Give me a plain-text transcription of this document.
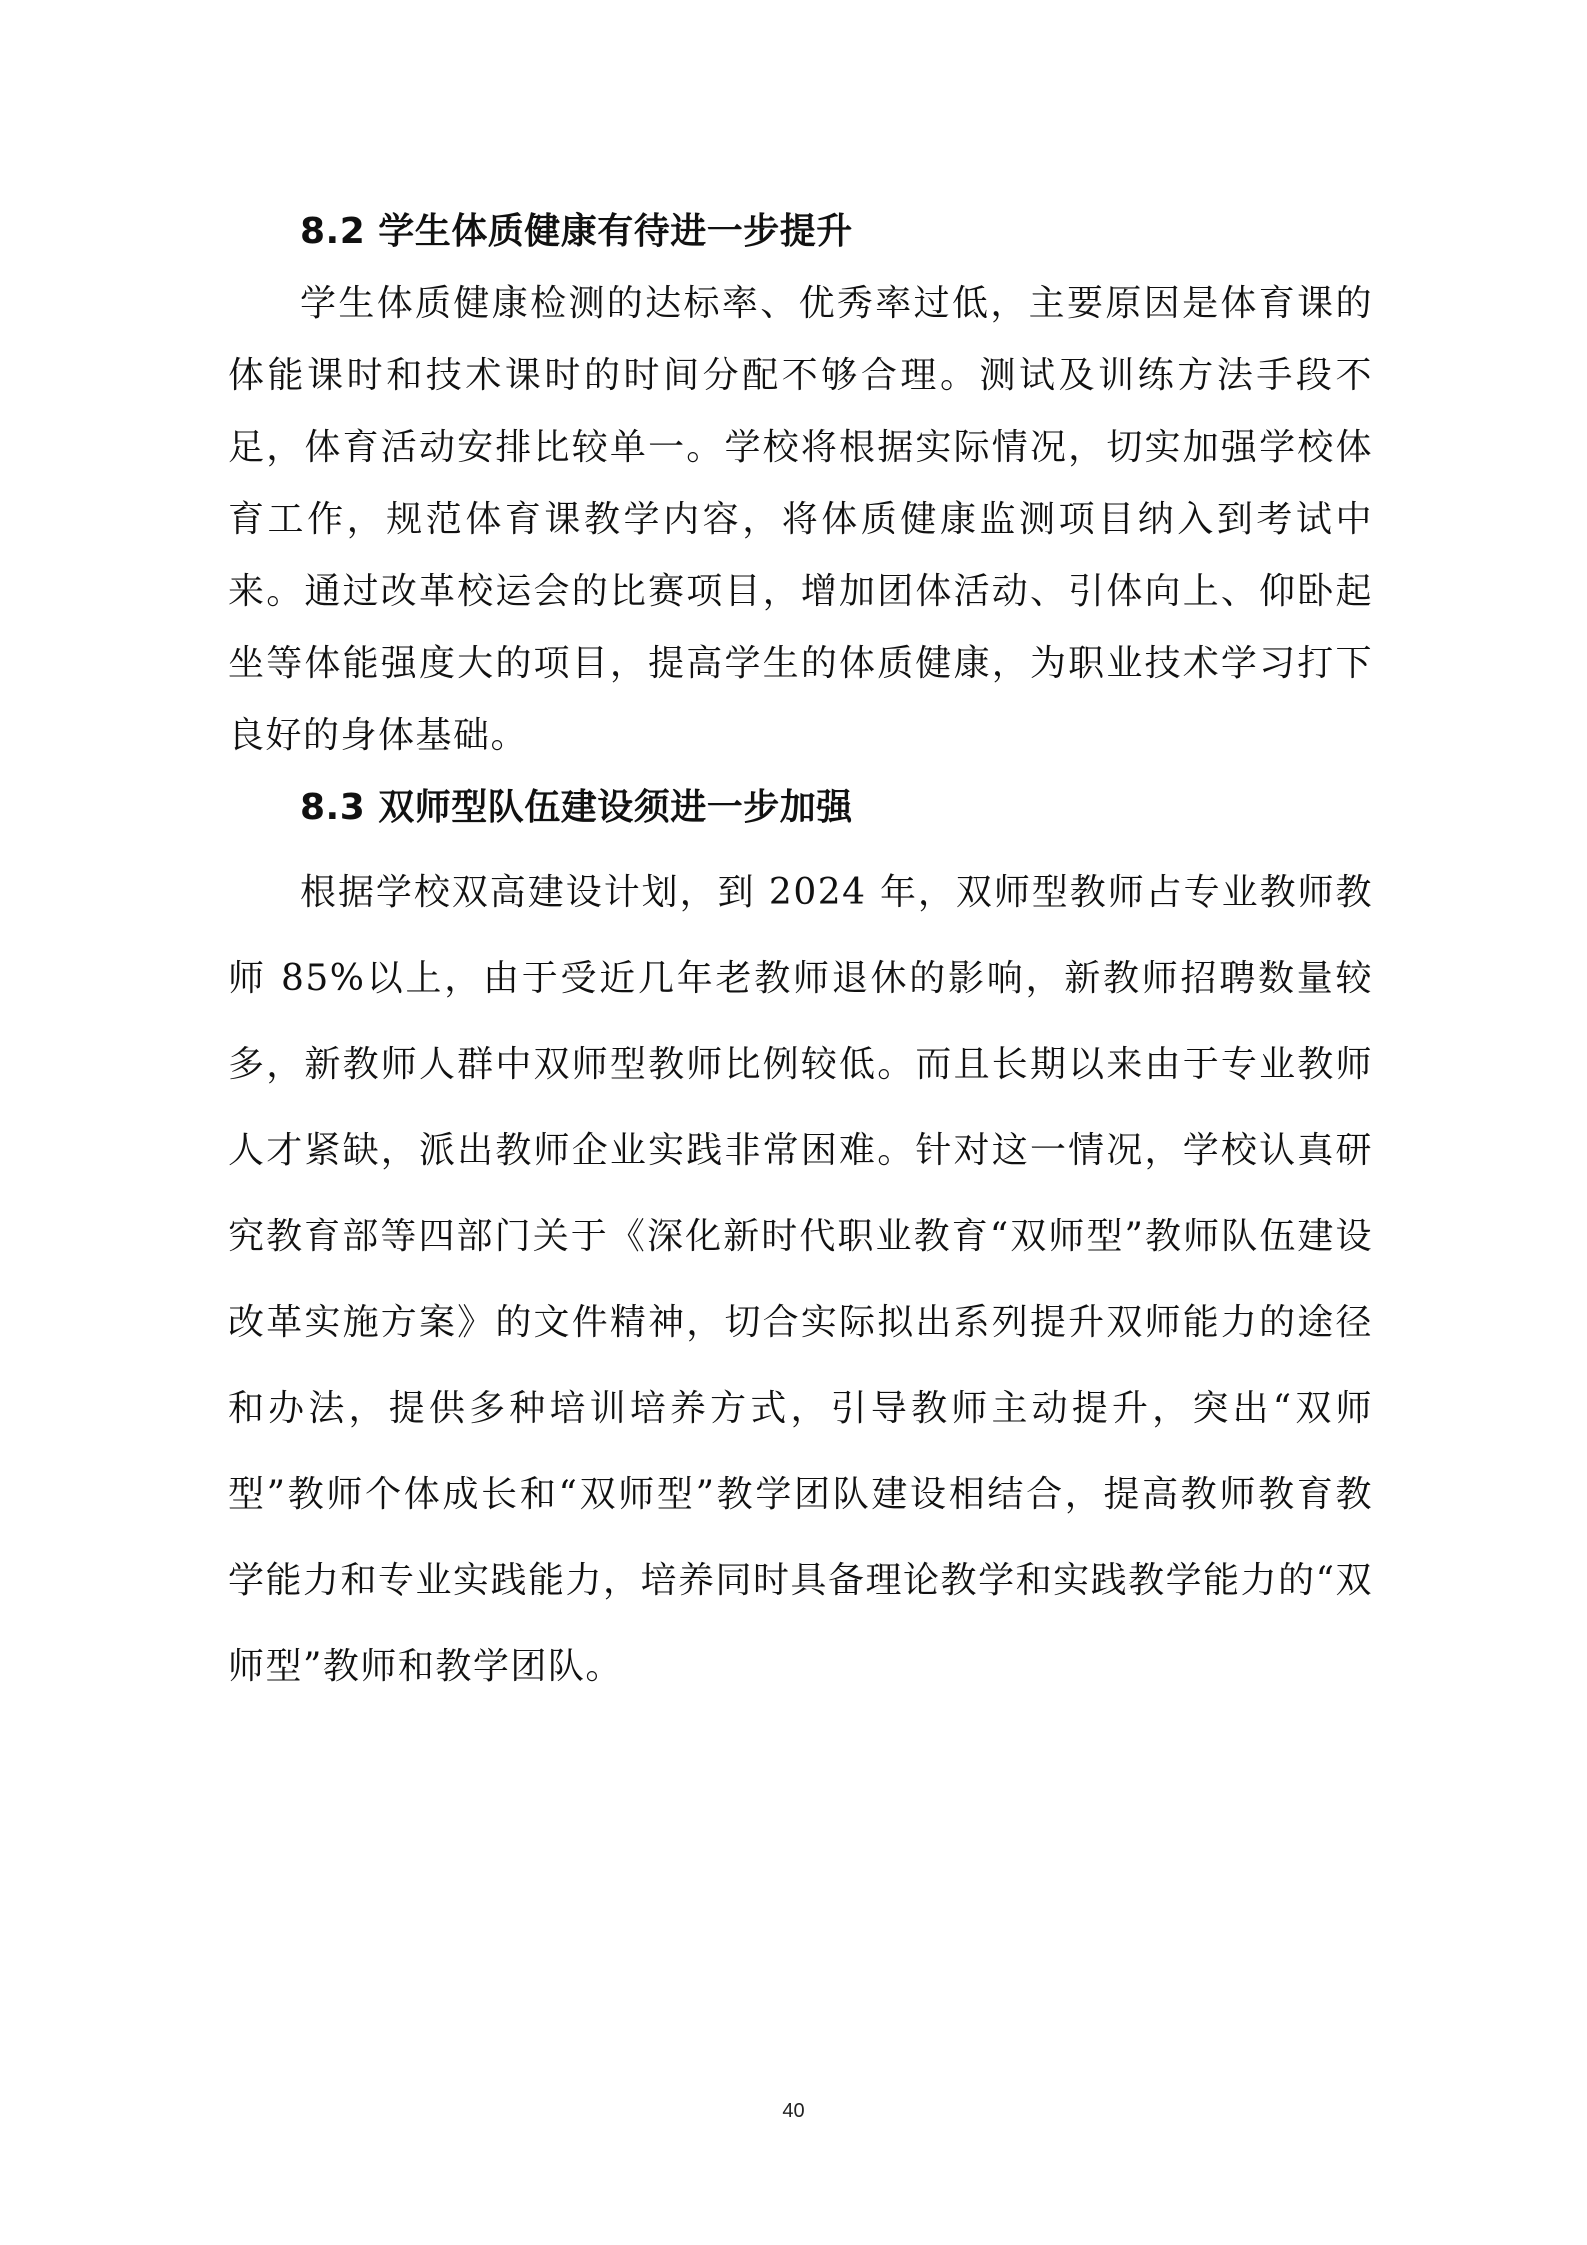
8.2 学生体质健康有待进一步提升

学生体质健康检测的达标率、优秀率过低，主要原因是体育课的体能课时和技术课时的时间分配不够合理。测试及训练方法手段不足，体育活动安排比较单一。学校将根据实际情况，切实加强学校体育工作，规范体育课教学内容，将体质健康监测项目纳入到考试中来。通过改革校运会的比赛项目，增加团体活动、引体向上、仰卧起坐等体能强度大的项目，提高学生的体质健康，为职业技术学习打下良好的身体基础。

8.3 双师型队伍建设须进一步加强

根据学校双高建设计划，到 2024 年，双师型教师占专业教师教师 85%以上，由于受近几年老教师退休的影响，新教师招聘数量较多，新教师人群中双师型教师比例较低。而且长期以来由于专业教师人才紧缺，派出教师企业实践非常困难。针对这一情况，学校认真研究教育部等四部门关于《深化新时代职业教育“双师型”教师队伍建设改革实施方案》的文件精神，切合实际拟出系列提升双师能力的途径和办法，提供多种培训培养方式，引导教师主动提升，突出“双师型”教师个体成长和“双师型”教学团队建设相结合，提高教师教育教学能力和专业实践能力，培养同时具备理论教学和实践教学能力的“双师型”教师和教学团队。

40
